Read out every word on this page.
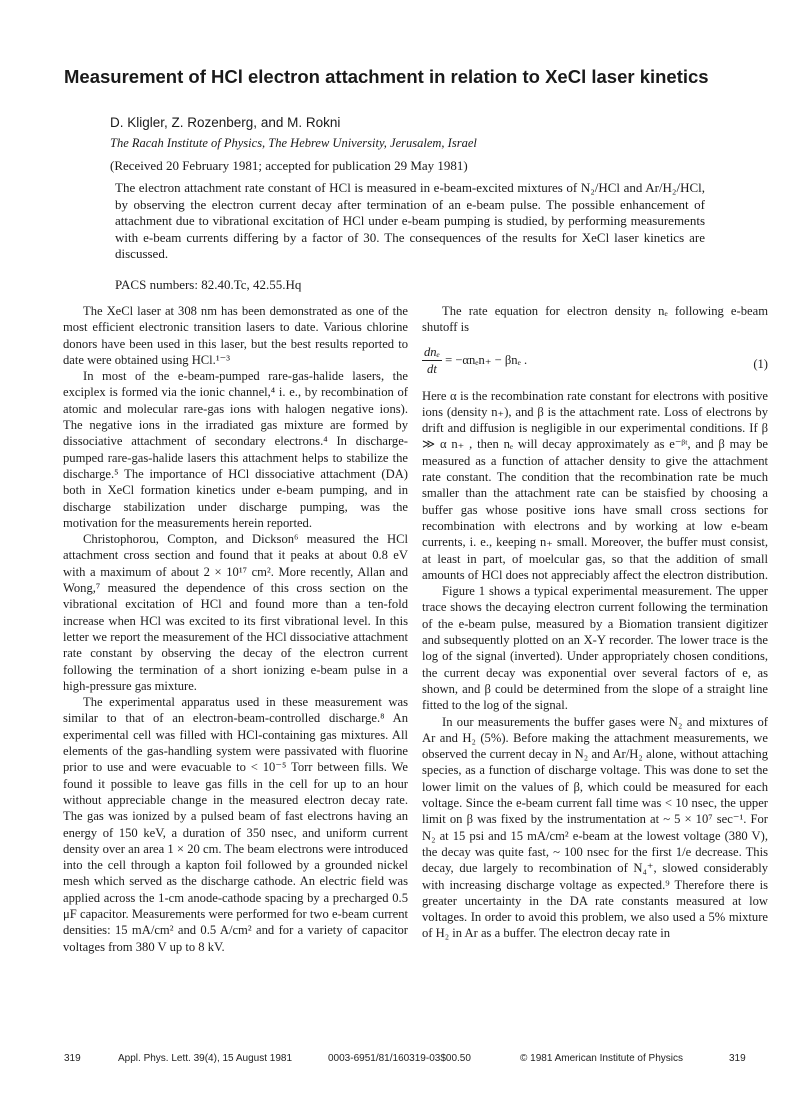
Measurement of HCl electron attachment in relation to XeCl laser kinetics
D. Kligler, Z. Rozenberg, and M. Rokni
The Racah Institute of Physics, The Hebrew University, Jerusalem, Israel
(Received 20 February 1981; accepted for publication 29 May 1981)

The electron attachment rate constant of HCl is measured in e-beam-excited mixtures of N₂/HCl and Ar/H₂/HCl, by observing the electron current decay after termination of an e-beam pulse. The possible enhancement of attachment due to vibrational excitation of HCl under e-beam pumping is studied, by performing measurements with e-beam currents differing by a factor of 30. The consequences of the results for XeCl laser kinetics are discussed.

PACS numbers: 82.40.Tc, 42.55.Hq

The XeCl laser at 308 nm has been demonstrated as one of the most efficient electronic transition lasers to date. Various chlorine donors have been used in this laser, but the best results reported to date were obtained using HCl.¹⁻³

In most of the e-beam-pumped rare-gas-halide lasers, the exciplex is formed via the ionic channel,⁴ i. e., by recombination of atomic and molecular rare-gas ions with halogen negative ions). The negative ions in the irradiated gas mixture are formed by dissociative attachment of secondary electrons.⁴ In discharge-pumped rare-gas-halide lasers this attachment helps to stabilize the discharge.⁵ The importance of HCl dissociative attachment (DA) both in XeCl formation kinetics under e-beam pumping, and in discharge stabilization under discharge pumping, was the motivation for the measurements herein reported.

Christophorou, Compton, and Dickson⁶ measured the HCl attachment cross section and found that it peaks at about 0.8 eV with a maximum of about 2 × 10¹⁷ cm². More recently, Allan and Wong,⁷ measured the dependence of this cross section on the vibrational excitation of HCl and found more than a ten-fold increase when HCl was excited to its first vibrational level. In this letter we report the measurement of the HCl dissociative attachment rate constant by observing the decay of the electron current following the termination of a short ionizing e-beam pulse in a high-pressure gas mixture.

The experimental apparatus used in these measurement was similar to that of an electron-beam-controlled discharge.⁸ An experimental cell was filled with HCl-containing gas mixtures. All elements of the gas-handling system were passivated with fluorine prior to use and were evacuable to < 10⁻⁵ Torr between fills. We found it possible to leave gas fills in the cell for up to an hour without appreciable change in the measured electron decay rate. The gas was ionized by a pulsed beam of fast electrons having an energy of 150 keV, a duration of 350 nsec, and uniform current density over an area 1 × 20 cm. The beam electrons were introduced into the cell through a kapton foil followed by a grounded nickel mesh which served as the discharge cathode. An electric field was applied across the 1-cm anode-cathode spacing by a precharged 0.5 μF capacitor. Measurements were performed for two e-beam current densities: 15 mA/cm² and 0.5 A/cm² and for a variety of capacitor voltages from 380 V up to 8 kV.

The rate equation for electron density nₑ following e-beam shutoff is

$\frac{\text{dnₑ}}{dt} = -\alpha n_en_+ - \beta n_e$ .	(1)

Here α is the recombination rate constant for electrons with positive ions (density n₊), and β is the attachment rate. Loss of electrons by drift and diffusion is negligible in our experimental conditions. If β ≫ α n₊ , then nₑ will decay approximately as e⁻ᵝᵗ, and β may be measured as a function of attacher density to give the attachment rate constant. The condition that the recombination rate be much smaller than the attachment rate can be staisfied by choosing a buffer gas whose positive ions have small cross sections for recombination with electrons and by working at low e-beam currents, i. e., keeping n₊ small. Moreover, the buffer must consist, at least in part, of moelcular gas, so that the addition of small amounts of HCl does not appreciably affect the electron distribution.

Figure 1 shows a typical experimental measurement. The upper trace shows the decaying electron current following the termination of the e-beam pulse, measured by a Biomation transient digitizer and subsequently plotted on an X-Y recorder. The lower trace is the log of the signal (inverted). Under appropriately chosen conditions, the current decay was exponential over several factors of e, as shown, and β could be determined from the slope of a straight line fitted to the log of the signal.

In our measurements the buffer gases were N₂ and mixtures of Ar and H₂ (5%). Before making the attachment measurements, we observed the current decay in N₂ and Ar/H₂ alone, without attaching species, as a function of discharge voltage. This was done to set the lower limit on the values of β, which could be measured for each voltage. Since the e-beam current fall time was < 10 nsec, the upper limit on β was fixed by the instrumentation at ~ 5 × 10⁷ sec⁻¹. For N₂ at 15 psi and 15 mA/cm² e-beam at the lowest voltage (380 V), the decay was quite fast, ~ 100 nsec for the first 1/e decrease. This decay, due largely to recombination of N₄⁺, slowed considerably with increasing discharge voltage as expected.⁹ Therefore there is greater uncertainty in the DA rate constants measured at low voltages. In order to avoid this problem, we also used a 5% mixture of H₂ in Ar as a buffer. The electron decay rate in

319	Appl. Phys. Lett. 39(4), 15 August 1981	0003-6951/81/160319-03$00.50	© 1981 American Institute of Physics	319
